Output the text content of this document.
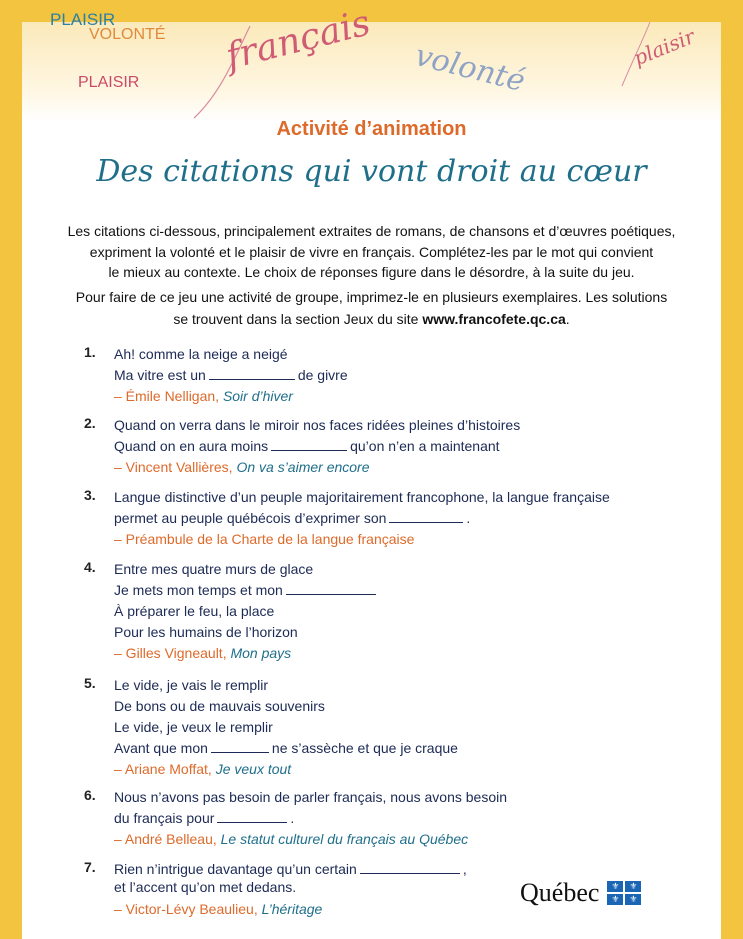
PLAISIR
VOLONTÉ
PLAISIR
français volonté	plaisir
Activité d’animation
Des citations qui vont droit au cœur
Les citations ci-dessous, principalement extraites de romans, de chansons et d’œuvres poétiques,
expriment la volonté et le plaisir de vivre en français. Complétez-les par le mot qui convient
le mieux au contexte. Le choix de réponses figure dans le désordre, à la suite du jeu.
Pour faire de ce jeu une activité de groupe, imprimez-le en plusieurs exemplaires. Les solutions
se trouvent dans la section Jeux du site www.francofete.qc.ca.
1. Ah! comme la neige a neigé
Ma vitre est un	de givre
– Émile Nelligan, Soir d’hiver
2. Quand on verra dans le miroir nos faces ridées pleines d’histoires
Quand on en aura moins	qu’on n’en a maintenant
– Vincent Vallières, On va s’aimer encore
3. Langue distinctive d’un peuple majoritairement francophone, la langue française
permet au peuple québécois d’exprimer son	.
– Préambule de la Charte de la langue française
4. Entre mes quatre murs de glace
Je mets mon temps et mon
À préparer le feu, la place
Pour les humains de l’horizon
– Gilles Vigneault, Mon pays
5. Le vide, je vais le remplir
De bons ou de mauvais souvenirs
Le vide, je veux le remplir
Avant que mon	ne s’assèche et que je craque
– Ariane Moffat, Je veux tout
6. Nous n’avons pas besoin de parler français, nous avons besoin
du français pour	.
– André Belleau, Le statut culturel du français au Québec
7. Rien n’intrigue davantage qu’un certain	,
et l’accent qu’on met dedans.
– Victor-Lévy Beaulieu, L’héritage
Québec	⚜	⚜
⚜	⚜
